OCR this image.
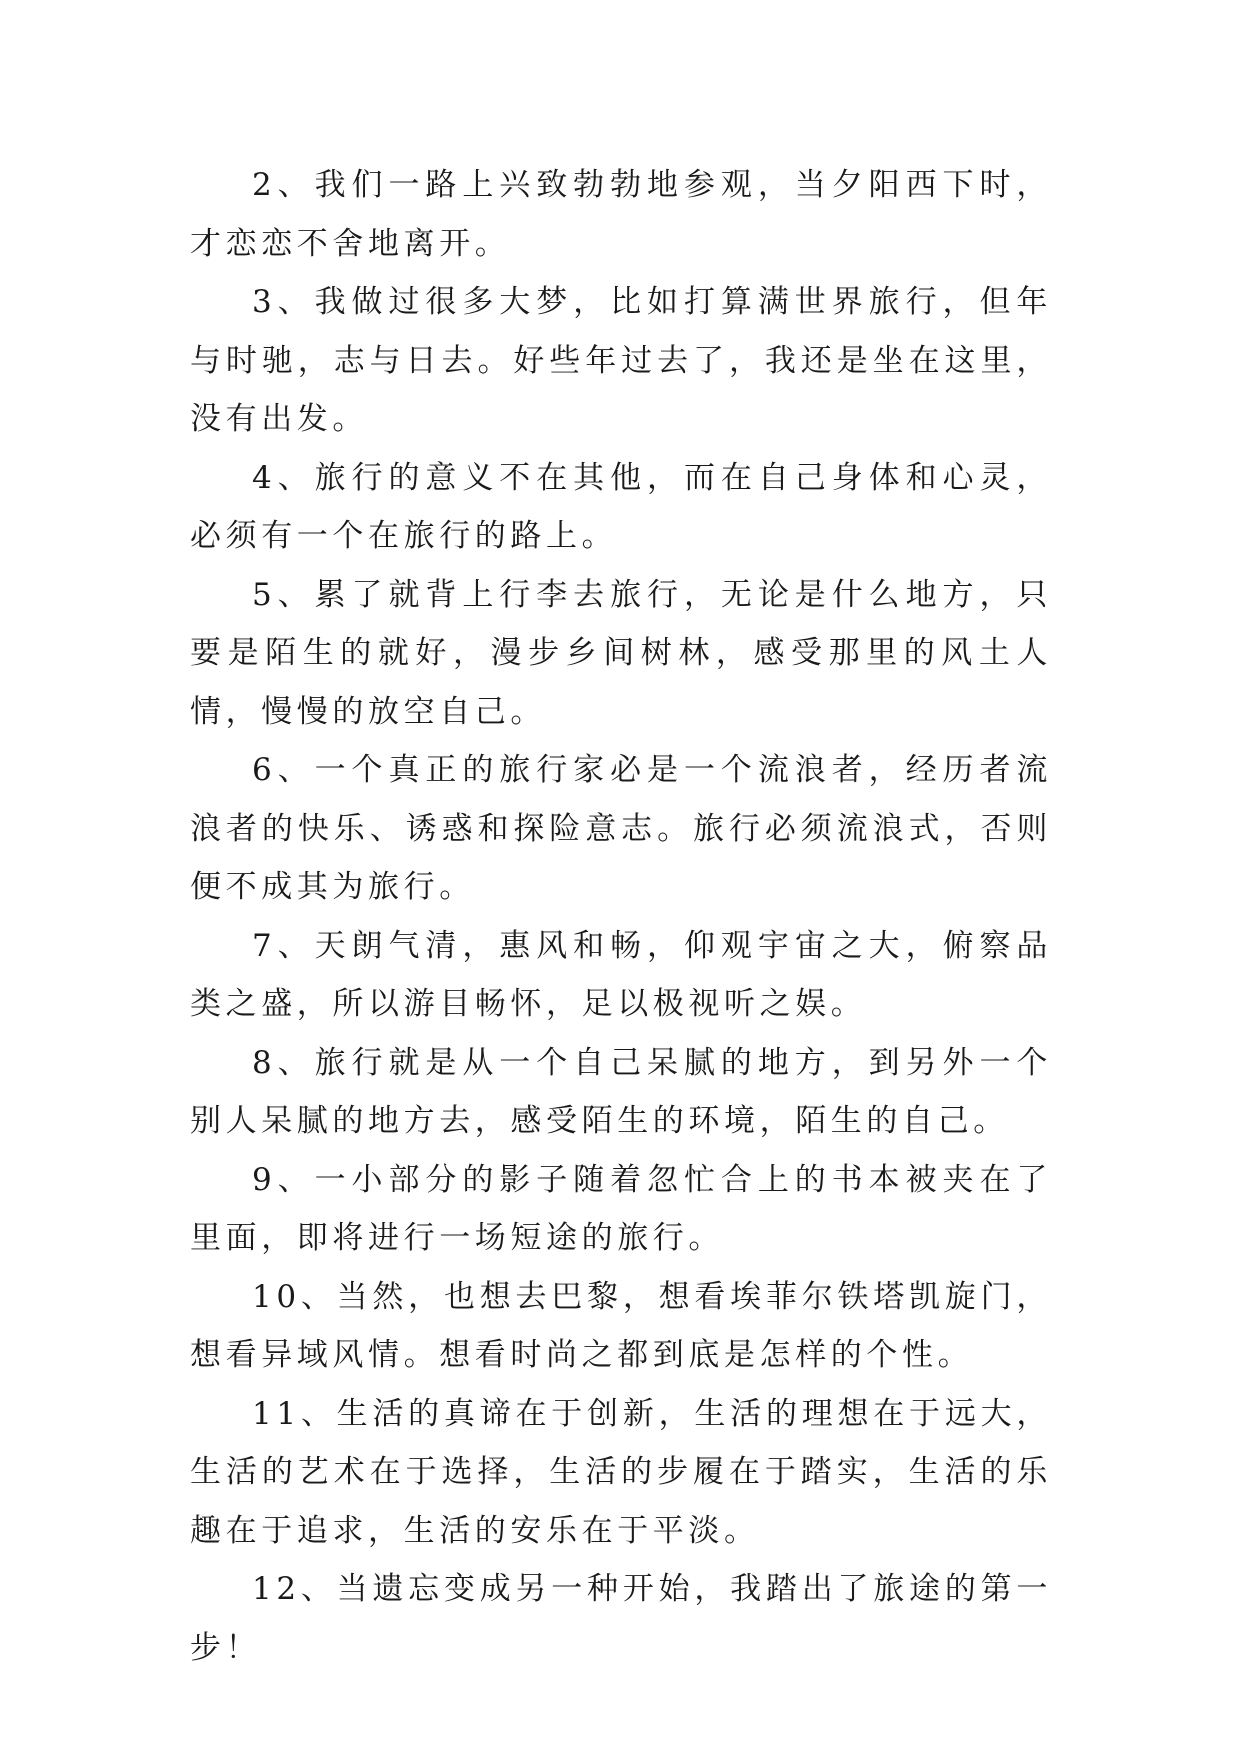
2、我们一路上兴致勃勃地参观，当夕阳西下时，才恋恋不舍地离开。

3、我做过很多大梦，比如打算满世界旅行，但年与时驰，志与日去。好些年过去了，我还是坐在这里，没有出发。

4、旅行的意义不在其他，而在自己身体和心灵，必须有一个在旅行的路上。

5、累了就背上行李去旅行，无论是什么地方，只要是陌生的就好，漫步乡间树林，感受那里的风土人情，慢慢的放空自己。

6、一个真正的旅行家必是一个流浪者，经历者流浪者的快乐、诱惑和探险意志。旅行必须流浪式，否则便不成其为旅行。

7、天朗气清，惠风和畅，仰观宇宙之大，俯察品类之盛，所以游目畅怀，足以极视听之娱。

8、旅行就是从一个自己呆腻的地方，到另外一个别人呆腻的地方去，感受陌生的环境，陌生的自己。

9、一小部分的影子随着忽忙合上的书本被夹在了里面，即将进行一场短途的旅行。

10、当然，也想去巴黎，想看埃菲尔铁塔凯旋门，想看异域风情。想看时尚之都到底是怎样的个性。

11、生活的真谛在于创新，生活的理想在于远大，生活的艺术在于选择，生活的步履在于踏实，生活的乐趣在于追求，生活的安乐在于平淡。

12、当遗忘变成另一种开始，我踏出了旅途的第一步！
